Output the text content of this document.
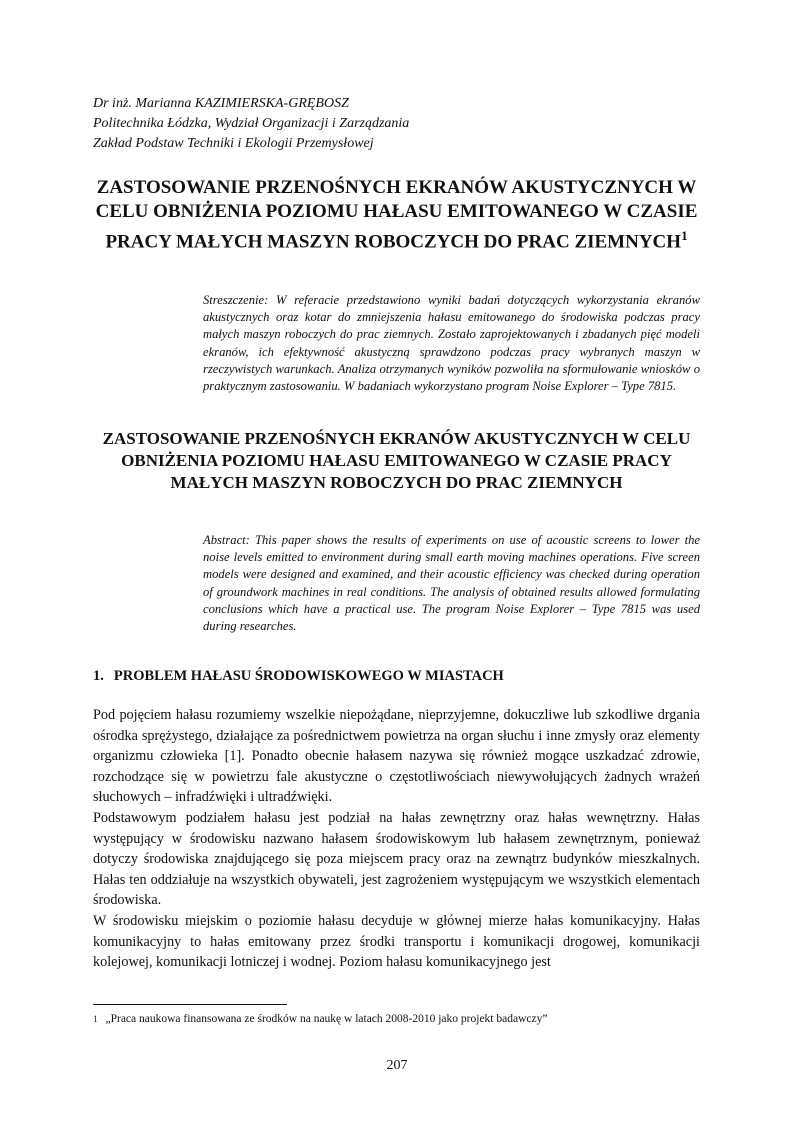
Dr inż. Marianna KAZIMIERSKA-GRĘBOSZ
Politechnika Łódzka, Wydział Organizacji i Zarządzania
Zakład Podstaw Techniki i Ekologii Przemysłowej
ZASTOSOWANIE PRZENOŚNYCH EKRANÓW AKUSTYCZNYCH W CELU OBNIŻENIA POZIOMU HAŁASU EMITOWANEGO W CZASIE PRACY MAŁYCH MASZYN ROBOCZYCH DO PRAC ZIEMNYCH$^1$

Streszczenie: W referacie przedstawiono wyniki badań dotyczących wykorzystania ekranów akustycznych oraz kotar do zmniejszenia hałasu emitowanego do środowiska podczas pracy małych maszyn roboczych do prac ziemnych. Zostało zaprojektowanych i zbadanych pięć modeli ekranów, ich efektywność akustyczną sprawdzono podczas pracy wybranych maszyn w rzeczywistych warunkach. Analiza otrzymanych wyników pozwoliła na sformułowanie wniosków o praktycznym zastosowaniu. W badaniach wykorzystano program Noise Explorer – Type 7815.

ZASTOSOWANIE PRZENOŚNYCH EKRANÓW AKUSTYCZNYCH W CELU OBNIŻENIA POZIOMU HAŁASU EMITOWANEGO W CZASIE PRACY MAŁYCH MASZYN ROBOCZYCH DO PRAC ZIEMNYCH

Abstract: This paper shows the results of experiments on use of acoustic screens to lower the noise levels emitted to environment during small earth moving machines operations. Five screen models were designed and examined, and their acoustic efficiency was checked during operation of groundwork machines in real conditions. The analysis of obtained results allowed formulating conclusions which have a practical use. The program Noise Explorer – Type 7815 was used during researches.

1. PROBLEM HAŁASU ŚRODOWISKOWEGO W MIASTACH

Pod pojęciem hałasu rozumiemy wszelkie niepożądane, nieprzyjemne, dokuczliwe lub szkodliwe drgania ośrodka sprężystego, działające za pośrednictwem powietrza na organ słuchu i inne zmysły oraz elementy organizmu człowieka [1]. Ponadto obecnie hałasem nazywa się również mogące uszkadzać zdrowie, rozchodzące się w powietrzu fale akustyczne o częstotliwościach niewywołujących żadnych wrażeń słuchowych – infradźwięki i ultradźwięki.

Podstawowym podziałem hałasu jest podział na hałas zewnętrzny oraz hałas wewnętrzny. Hałas występujący w środowisku nazwano hałasem środowiskowym lub hałasem zewnętrznym, ponieważ dotyczy środowiska znajdującego się poza miejscem pracy oraz na zewnątrz budynków mieszkalnych. Hałas ten oddziałuje na wszystkich obywateli, jest zagrożeniem występującym we wszystkich elementach środowiska.

W środowisku miejskim o poziomie hałasu decyduje w głównej mierze hałas komunikacyjny. Hałas komunikacyjny to hałas emitowany przez środki transportu i komunikacji drogowej, komunikacji kolejowej, komunikacji lotniczej i wodnej. Poziom hałasu komunikacyjnego jest

$^1$ „Praca naukowa finansowana ze środków na naukę w latach 2008-2010 jako projekt badawczy”
207
